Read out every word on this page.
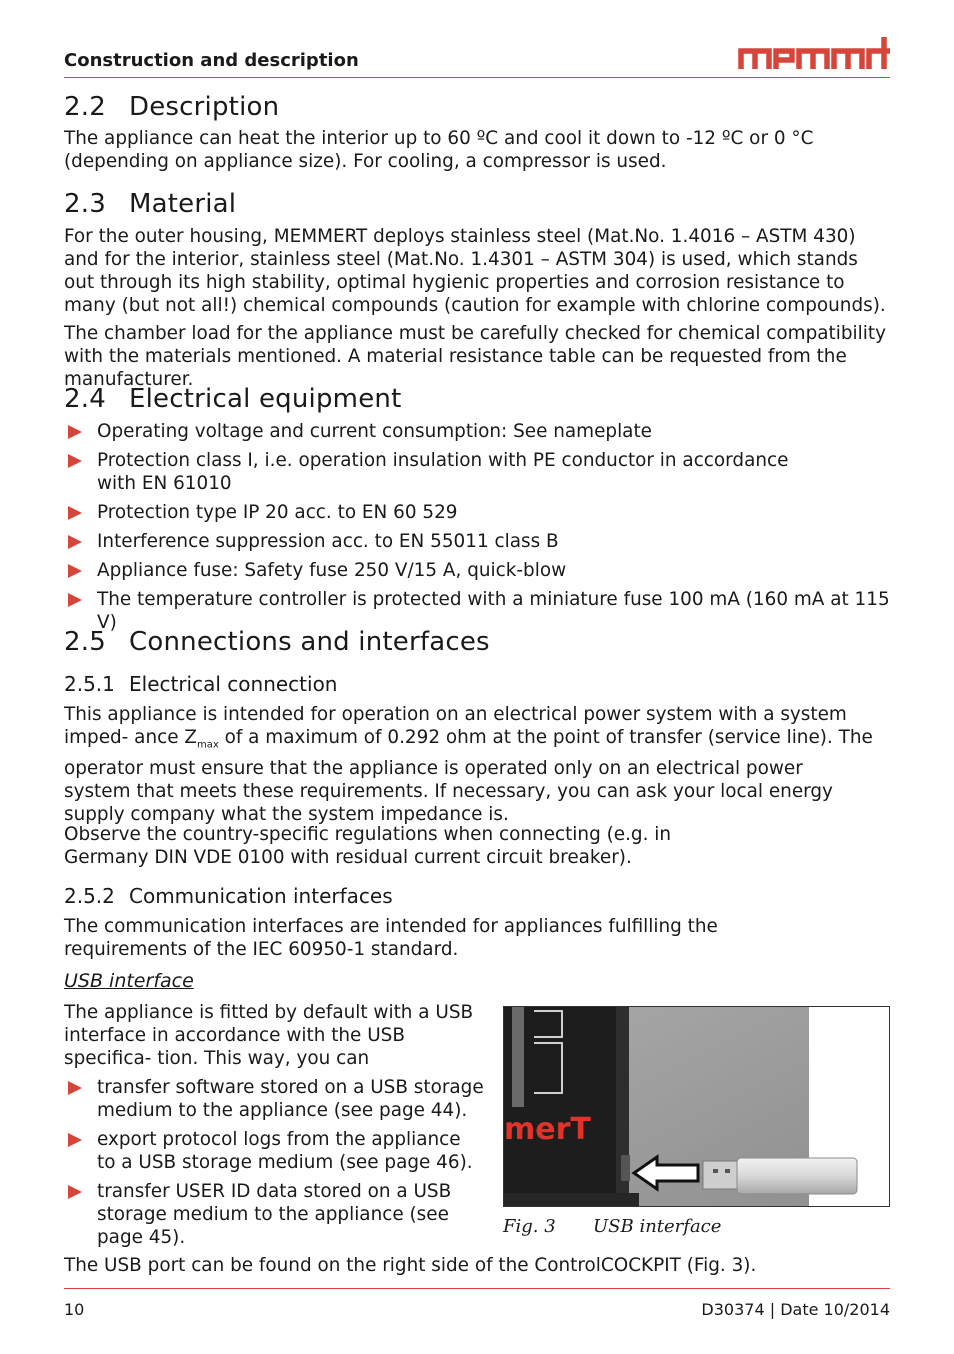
Construction and description
2.2 Description

The appliance can heat the interior up to 60 ºC and cool it down to -12 ºC or 0 °C (depending on appliance size). For cooling, a compressor is used.

2.3 Material

For the outer housing, MEMMERT deploys stainless steel (Mat.No. 1.4016 – ASTM 430) and for the interior, stainless steel (Mat.No. 1.4301 – ASTM 304) is used, which stands out through its high stability, optimal hygienic properties and corrosion resistance to many (but not all!) chemical compounds (caution for example with chlorine compounds).

The chamber load for the appliance must be carefully checked for chemical compatibility with the materials mentioned. A material resistance table can be requested from the manufacturer.

2.4 Electrical equipment
Operating voltage and current consumption: See nameplate
Protection class I, i.e. operation insulation with PE conductor in accordance with EN 61010
Protection type IP 20 acc. to EN 60 529
Interference suppression acc. to EN 55011 class B
Appliance fuse: Safety fuse 250 V/15 A, quick-blow
The temperature controller is protected with a miniature fuse 100 mA (160 mA at 115 V)
2.5 Connections and interfaces
2.5.1 Electrical connection

This appliance is intended for operation on an electrical power system with a system imped- ance $Z_{max}$ of a maximum of 0.292 ohm at the point of transfer (service line). The operator must ensure that the appliance is operated only on an electrical power system that meets these requirements. If necessary, you can ask your local energy supply company what the system impedance is.

Observe the country-specific regulations when connecting (e.g. in Germany DIN VDE 0100 with residual current circuit breaker).

2.5.2 Communication interfaces

The communication interfaces are intended for appliances fulfilling the requirements of the IEC 60950-1 standard.

USB interface

The appliance is fitted by default with a USB interface in accordance with the USB specifica- tion. This way, you can

transfer software stored on a USB storage medium to the appliance (see page 44).
export protocol logs from the appliance to a USB storage medium (see page 46).
transfer USER ID data stored on a USB storage medium to the appliance (see page 45).
merT
Fig. 3 USB interface

The USB port can be found on the right side of the ControlCOCKPIT (Fig. 3).

10	D30374 | Date 10/2014
